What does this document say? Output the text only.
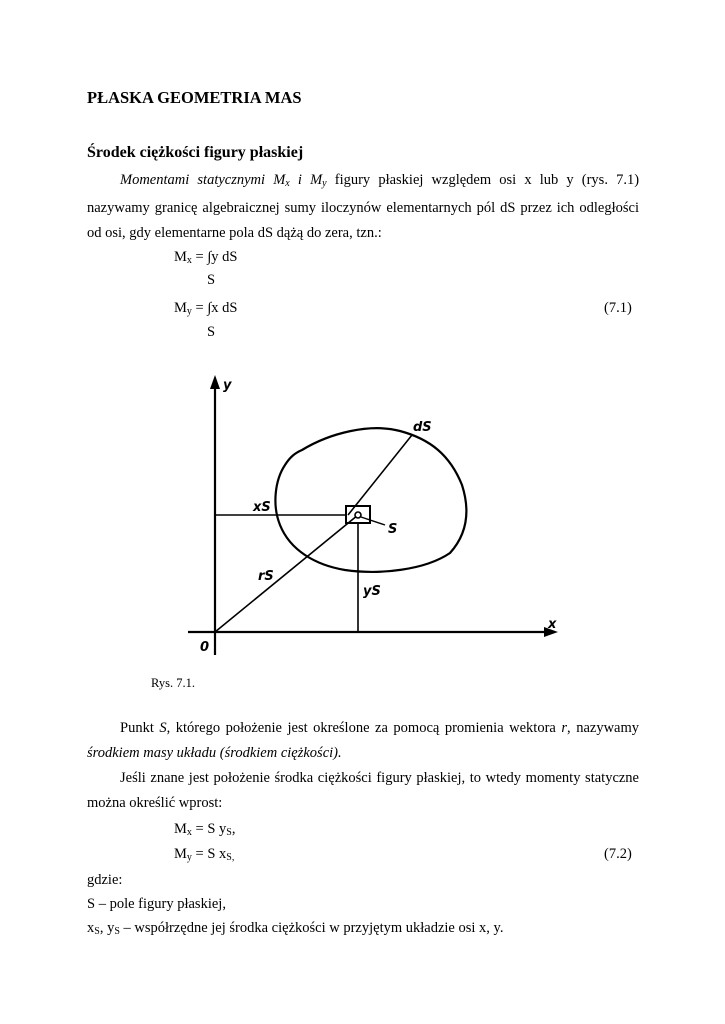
PŁASKA GEOMETRIA MAS
Środek ciężkości figury płaskiej

Momentami statycznymi $M_x$ i $M_y$ figury płaskiej względem osi x lub y (rys. 7.1)

nazywamy granicę algebraicznej sumy iloczynów elementarnych pól dS przez ich odległości

od osi, gdy elementarne pola dS dążą do zera, tzn.:

$M_x = \int y$ dS
S
$M_y = \int x$ dS
S
(7.1)
y
x
0
dS
xS
S
rS
yS
Rys. 7.1.

Punkt S, którego położenie jest określone za pomocą promienia wektora r, nazywamy

środkiem masy układu (środkiem ciężkości).

Jeśli znane jest położenie środka ciężkości figury płaskiej, to wtedy momenty statyczne

można określić wprost:

$M_x = S$ $y_S$,
$M_y = S$ $x_{S,}$	(7.2)
gdzie:
S – pole figury płaskiej,
$x_S$, $y_S$ – współrzędne jej środka ciężkości w przyjętym układzie osi x, y.
